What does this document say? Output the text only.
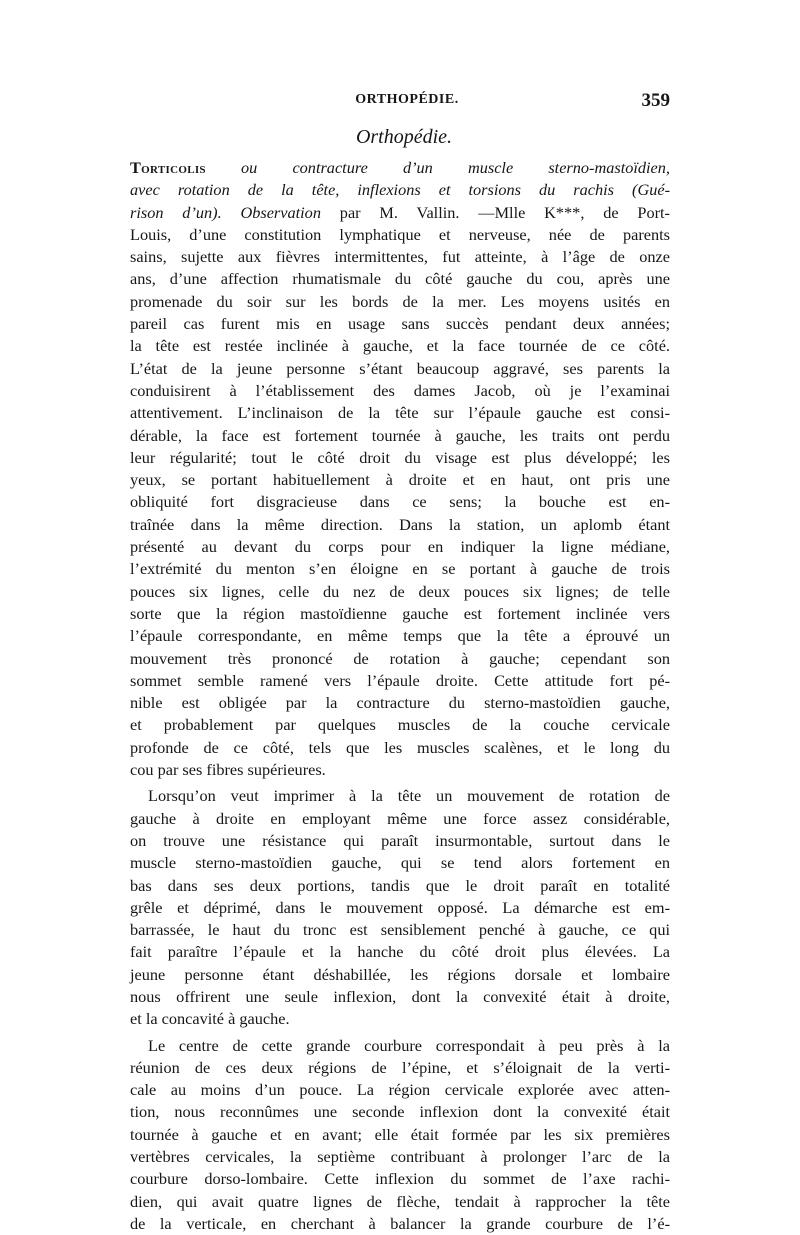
ORTHOPÉDIE.	359
Orthopédie.
Torticolis ou contracture d’un muscle sterno-mastoïdien,
avec rotation de la tête, inflexions et torsions du rachis (Gué-
rison d’un). Observation par M. Vallin. —Mlle K***, de Port-
Louis, d’une constitution lymphatique et nerveuse, née de parents
sains, sujette aux fièvres intermittentes, fut atteinte, à l’âge de onze
ans, d’une affection rhumatismale du côté gauche du cou, après une
promenade du soir sur les bords de la mer. Les moyens usités en
pareil cas furent mis en usage sans succès pendant deux années;
la tête est restée inclinée à gauche, et la face tournée de ce côté.
L’état de la jeune personne s’étant beaucoup aggravé, ses parents la
conduisirent à l’établissement des dames Jacob, où je l’examinai
attentivement. L’inclinaison de la tête sur l’épaule gauche est consi-
dérable, la face est fortement tournée à gauche, les traits ont perdu
leur régularité; tout le côté droit du visage est plus développé; les
yeux, se portant habituellement à droite et en haut, ont pris une
obliquité fort disgracieuse dans ce sens; la bouche est en-
traînée dans la même direction. Dans la station, un aplomb étant
présenté au devant du corps pour en indiquer la ligne médiane,
l’extrémité du menton s’en éloigne en se portant à gauche de trois
pouces six lignes, celle du nez de deux pouces six lignes; de telle
sorte que la région mastoïdienne gauche est fortement inclinée vers
l’épaule correspondante, en même temps que la tête a éprouvé un
mouvement très prononcé de rotation à gauche; cependant son
sommet semble ramené vers l’épaule droite. Cette attitude fort pé-
nible est obligée par la contracture du sterno-mastoïdien gauche,
et probablement par quelques muscles de la couche cervicale
profonde de ce côté, tels que les muscles scalènes, et le long du
cou par ses fibres supérieures.
Lorsqu’on veut imprimer à la tête un mouvement de rotation de
gauche à droite en employant même une force assez considérable,
on trouve une résistance qui paraît insurmontable, surtout dans le
muscle sterno-mastoïdien gauche, qui se tend alors fortement en
bas dans ses deux portions, tandis que le droit paraît en totalité
grêle et déprimé, dans le mouvement opposé. La démarche est em-
barrassée, le haut du tronc est sensiblement penché à gauche, ce qui
fait paraître l’épaule et la hanche du côté droit plus élevées. La
jeune personne étant déshabillée, les régions dorsale et lombaire
nous offrirent une seule inflexion, dont la convexité était à droite,
et la concavité à gauche.
Le centre de cette grande courbure correspondait à peu près à la
réunion de ces deux régions de l’épine, et s’éloignait de la verti-
cale au moins d’un pouce. La région cervicale explorée avec atten-
tion, nous reconnûmes une seconde inflexion dont la convexité était
tournée à gauche et en avant; elle était formée par les six premières
vertèbres cervicales, la septième contribuant à prolonger l’arc de la
courbure dorso-lombaire. Cette inflexion du sommet de l’axe rachi-
dien, qui avait quatre lignes de flèche, tendait à rapprocher la tête
de la verticale, en cherchant à balancer la grande courbure de l’é-
